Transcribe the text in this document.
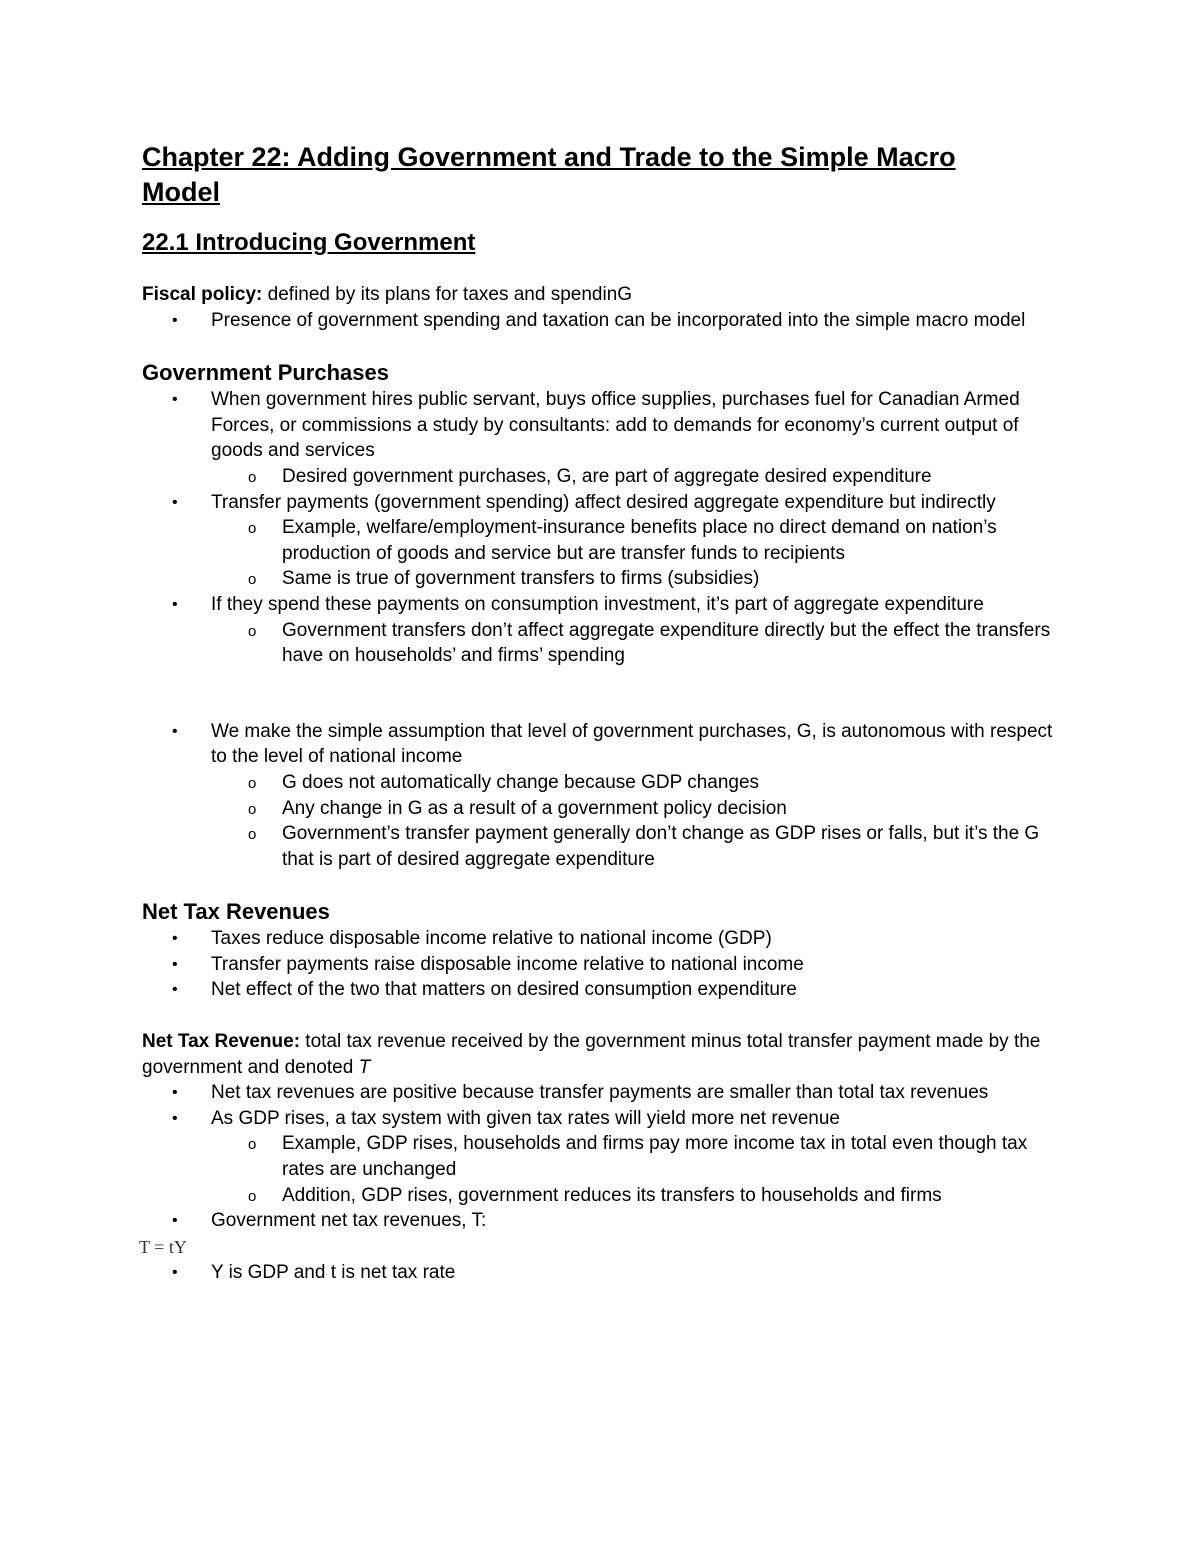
Chapter 22: Adding Government and Trade to the Simple Macro
Model
22.1 Introducing Government

Fiscal policy: defined by its plans for taxes and spendinG

• Presence of government spending and taxation can be incorporated into the simple macro model
Government Purchases
• When government hires public servant, buys office supplies, purchases fuel for Canadian Armed Forces, or commissions a study by consultants: add to demands for economy’s current output of goods and services
o Desired government purchases, G, are part of aggregate desired expenditure
• Transfer payments (government spending) affect desired aggregate expenditure but indirectly
o Example, welfare/employment-insurance benefits place no direct demand on nation’s production of goods and service but are transfer funds to recipients
o Same is true of government transfers to firms (subsidies)
• If they spend these payments on consumption investment, it’s part of aggregate expenditure
o Government transfers don’t affect aggregate expenditure directly but the effect the transfers have on households’ and firms’ spending
• We make the simple assumption that level of government purchases, G, is autonomous with respect to the level of national income
o G does not automatically change because GDP changes
o Any change in G as a result of a government policy decision
o Government’s transfer payment generally don’t change as GDP rises or falls, but it’s the G that is part of desired aggregate expenditure
Net Tax Revenues
• Taxes reduce disposable income relative to national income (GDP)
• Transfer payments raise disposable income relative to national income
• Net effect of the two that matters on desired consumption expenditure

Net Tax Revenue: total tax revenue received by the government minus total transfer payment made by the government and denoted T

• Net tax revenues are positive because transfer payments are smaller than total tax revenues
• As GDP rises, a tax system with given tax rates will yield more net revenue
o Example, GDP rises, households and firms pay more income tax in total even though tax rates are unchanged
o Addition, GDP rises, government reduces its transfers to households and firms
• Government net tax revenues, T:

T = tY

• Y is GDP and t is net tax rate
